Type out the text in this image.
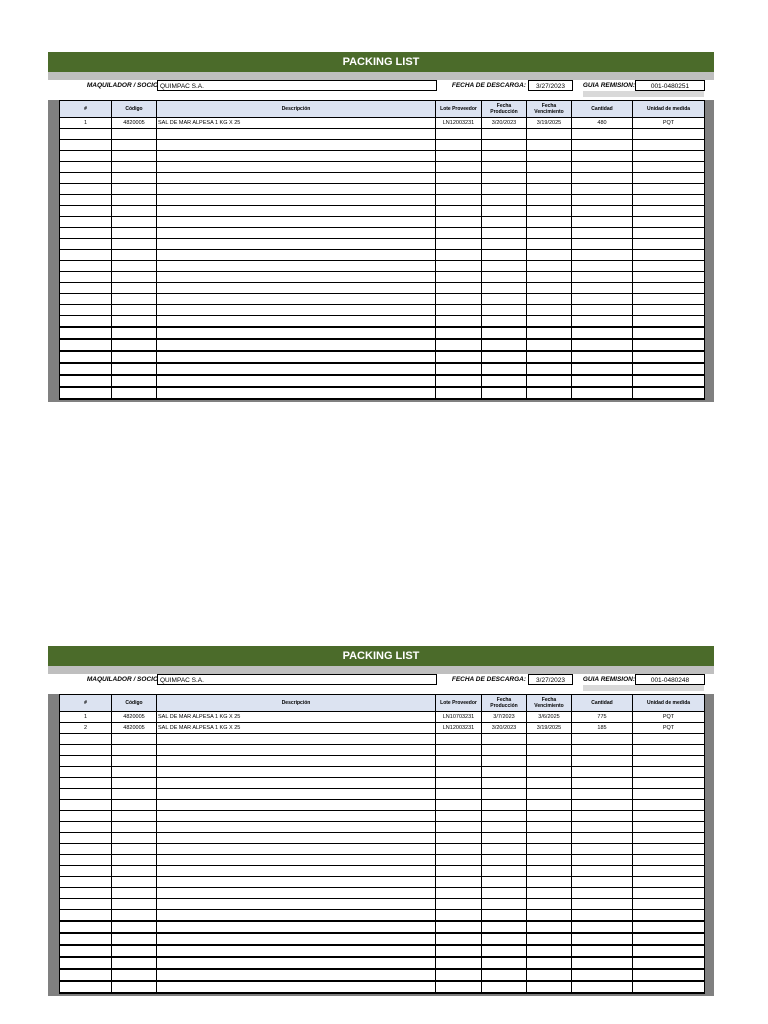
PACKING LIST
MAQUILADOR / SOCIO QUIMPAC S.A.	FECHA DE DESCARGA:	3/27/2023	GUIA REMISION:	001-0480251
#	Código	Descripción	Lote Proveedor	Fecha Producción	Fecha Vencimiento	Cantidad	Unidad de medida
1	4820005	SAL DE MAR ALPESA 1 KG X 25	LN12003231	3/20/2023	3/19/2025	480	PQT

PACKING LIST
MAQUILADOR / SOCIO QUIMPAC S.A.	FECHA DE DESCARGA:	3/27/2023	GUIA REMISION:	001-0480248
#	Código	Descripción	Lote Proveedor	Fecha Producción	Fecha Vencimiento	Cantidad	Unidad de medida
1	4820005	SAL DE MAR ALPESA 1 KG X 25	LN10703231	3/7/2023	3/6/2025	775	PQT
2	4820005	SAL DE MAR ALPESA 1 KG X 25	LN12003231	3/20/2023	3/19/2025	185	PQT
